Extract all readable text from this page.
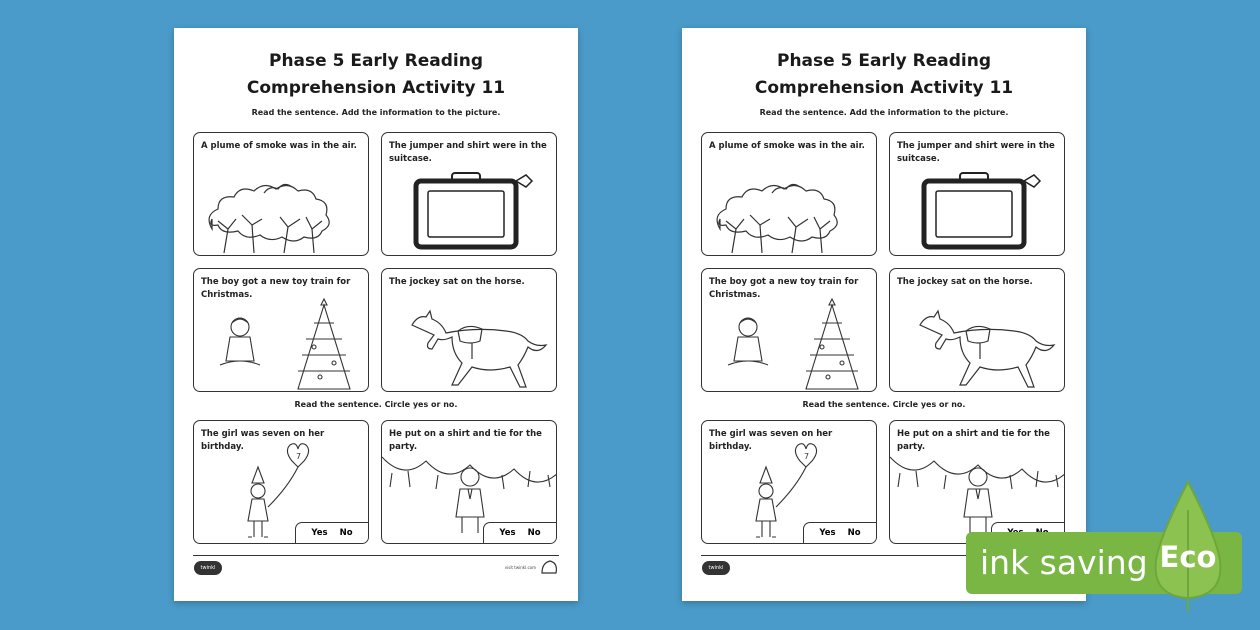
Phase 5 Early Reading
Comprehension Activity 11
Read the sentence. Add the information to the picture.
A plume of smoke was in the air.	The jumper and shirt were in the suitcase.
The boy got a new toy train for Christmas.
The jockey sat on the horse.
Read the sentence. Circle yes or no.
The girl was seven on her birthday.
7
Yes No
He put on a shirt and tie for the party.
Yes No
twinkl	visit twinkl.com
Phase 5 Early Reading
Comprehension Activity 11
Read the sentence. Add the information to the picture.
A plume of smoke was in the air.	The jumper and shirt were in the suitcase.
The boy got a new toy train for Christmas.
The jockey sat on the horse.
Read the sentence. Circle yes or no.
The girl was seven on her birthday.
7
Yes No
He put on a shirt and tie for the party.
twinkl	ink saving Eco
